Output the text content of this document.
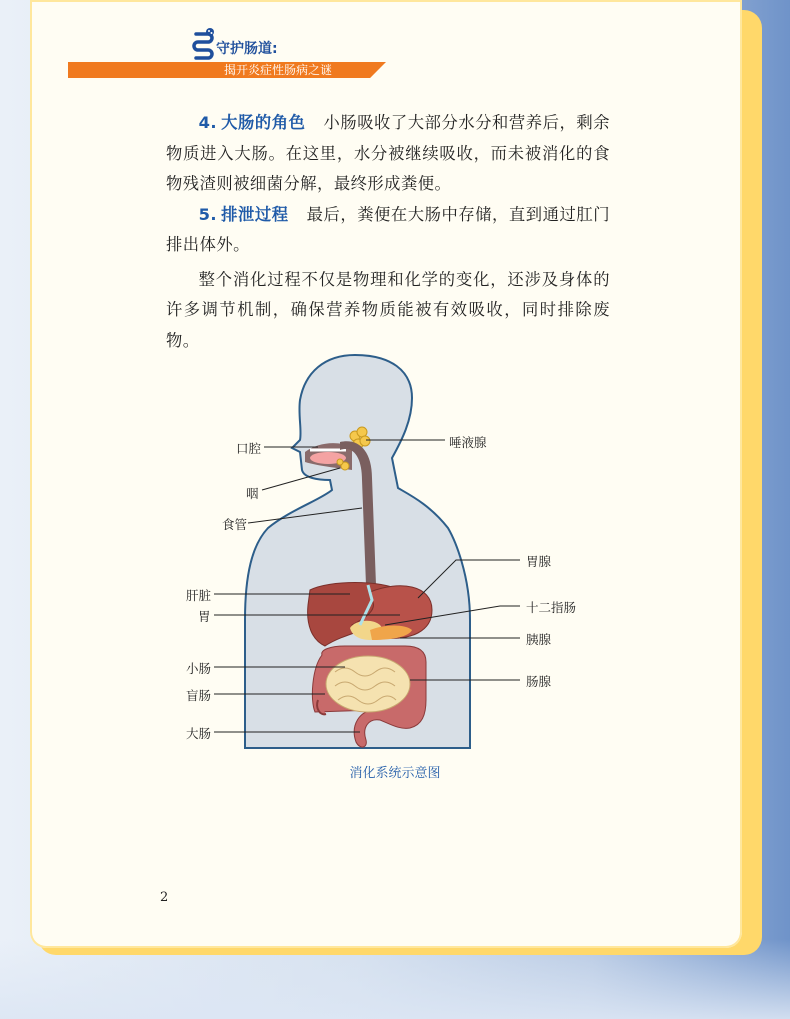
守护肠道:
揭开炎症性肠病之谜

4. 大肠的角色 小肠吸收了大部分水分和营养后，剩余物质进入大肠。在这里，水分被继续吸收，而未被消化的食物残渣则被细菌分解，最终形成粪便。

5. 排泄过程 最后，粪便在大肠中存储，直到通过肛门排出体外。

整个消化过程不仅是物理和化学的变化，还涉及身体的许多调节机制，确保营养物质能被有效吸收，同时排除废物。

口腔
咽
食管
肝脏
胃
小肠
盲肠
大肠
唾液腺
胃腺
十二指肠
胰腺
肠腺
消化系统示意图
2
